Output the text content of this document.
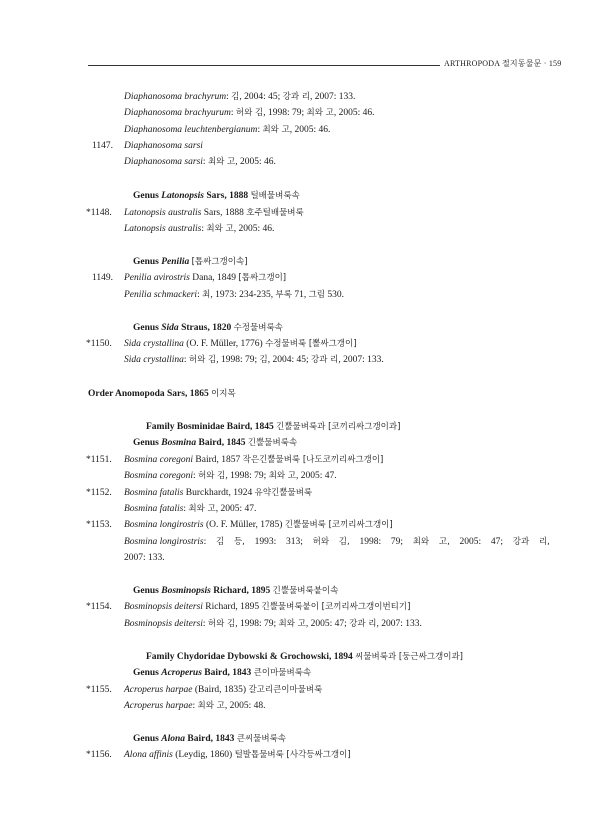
ARTHROPODA 절지동물문 · 159
Order Anomopoda Sars, 1865 이지목
Bosmina longirostris: 김 등, 1993: 313; 허와 김, 1998: 79; 최와 고, 2005: 47; 강과 리,
2007: 133.
Diaphanosoma brachyrum: 김, 2004: 45; 강과 리, 2007: 133.
Diaphanosoma brachyurum: 허와 김, 1998: 79; 최와 고, 2005: 46.
Diaphanosoma leuchtenbergianum: 최와 고, 2005: 46.
1147. Diaphanosoma sarsi
Diaphanosoma sarsi: 최와 고, 2005: 46.
*1148. Latonopsis australis Sars, 1888 호주털배물벼룩
Latonopsis australis: 최와 고, 2005: 46.
1149. Penilia avirostris Dana, 1849 [톱싸그갱이]
Penilia schmackeri: 최, 1973: 234-235, 부록 71, 그림 530.
*1150. Sida crystallina (O. F. Müller, 1776) 수정물벼룩 [뽈싸그갱이]
Sida crystallina: 허와 김, 1998: 79; 김, 2004: 45; 강과 리, 2007: 133.
*1151. Bosmina coregoni Baird, 1857 작은긴뿔물벼룩 [나도코끼리싸그갱이]
Bosmina coregoni: 허와 김, 1998: 79; 최와 고, 2005: 47.
*1152. Bosmina fatalis Burckhardt, 1924 유약긴뿔물벼룩
Bosmina fatalis: 최와 고, 2005: 47.
*1153. Bosmina longirostris (O. F. Müller, 1785) 긴뿔물벼룩 [코끼리싸그갱이]
*1154. Bosminopsis deitersi Richard, 1895 긴뿔물벼룩붙이 [코끼리싸그갱이번티기]
Bosminopsis deitersi: 허와 김, 1998: 79; 최와 고, 2005: 47; 강과 리, 2007: 133.
*1155. Acroperus harpae (Baird, 1835) 갈고리큰이마물벼룩
Acroperus harpae: 최와 고, 2005: 48.
*1156. Alona affinis (Leydig, 1860) 털발톱물벼룩 [사각등싸그갱이]
Genus Latonopsis Sars, 1888 털배물벼룩속
Genus Penilia [톱싸그갱이속]
Genus Sida Straus, 1820 수정물벼룩속
Genus Bosmina Baird, 1845 긴뿔물벼룩속
Genus Bosminopsis Richard, 1895 긴뿔물벼룩붙이속
Genus Acroperus Baird, 1843 큰이마물벼룩속
Genus Alona Baird, 1843 큰씨물벼룩속
Family Bosminidae Baird, 1845 긴뿔물벼룩과 [코끼리싸그갱이과]
Family Chydoridae Dybowski & Grochowski, 1894 씨물벼룩과 [둥근싸그갱이과]
